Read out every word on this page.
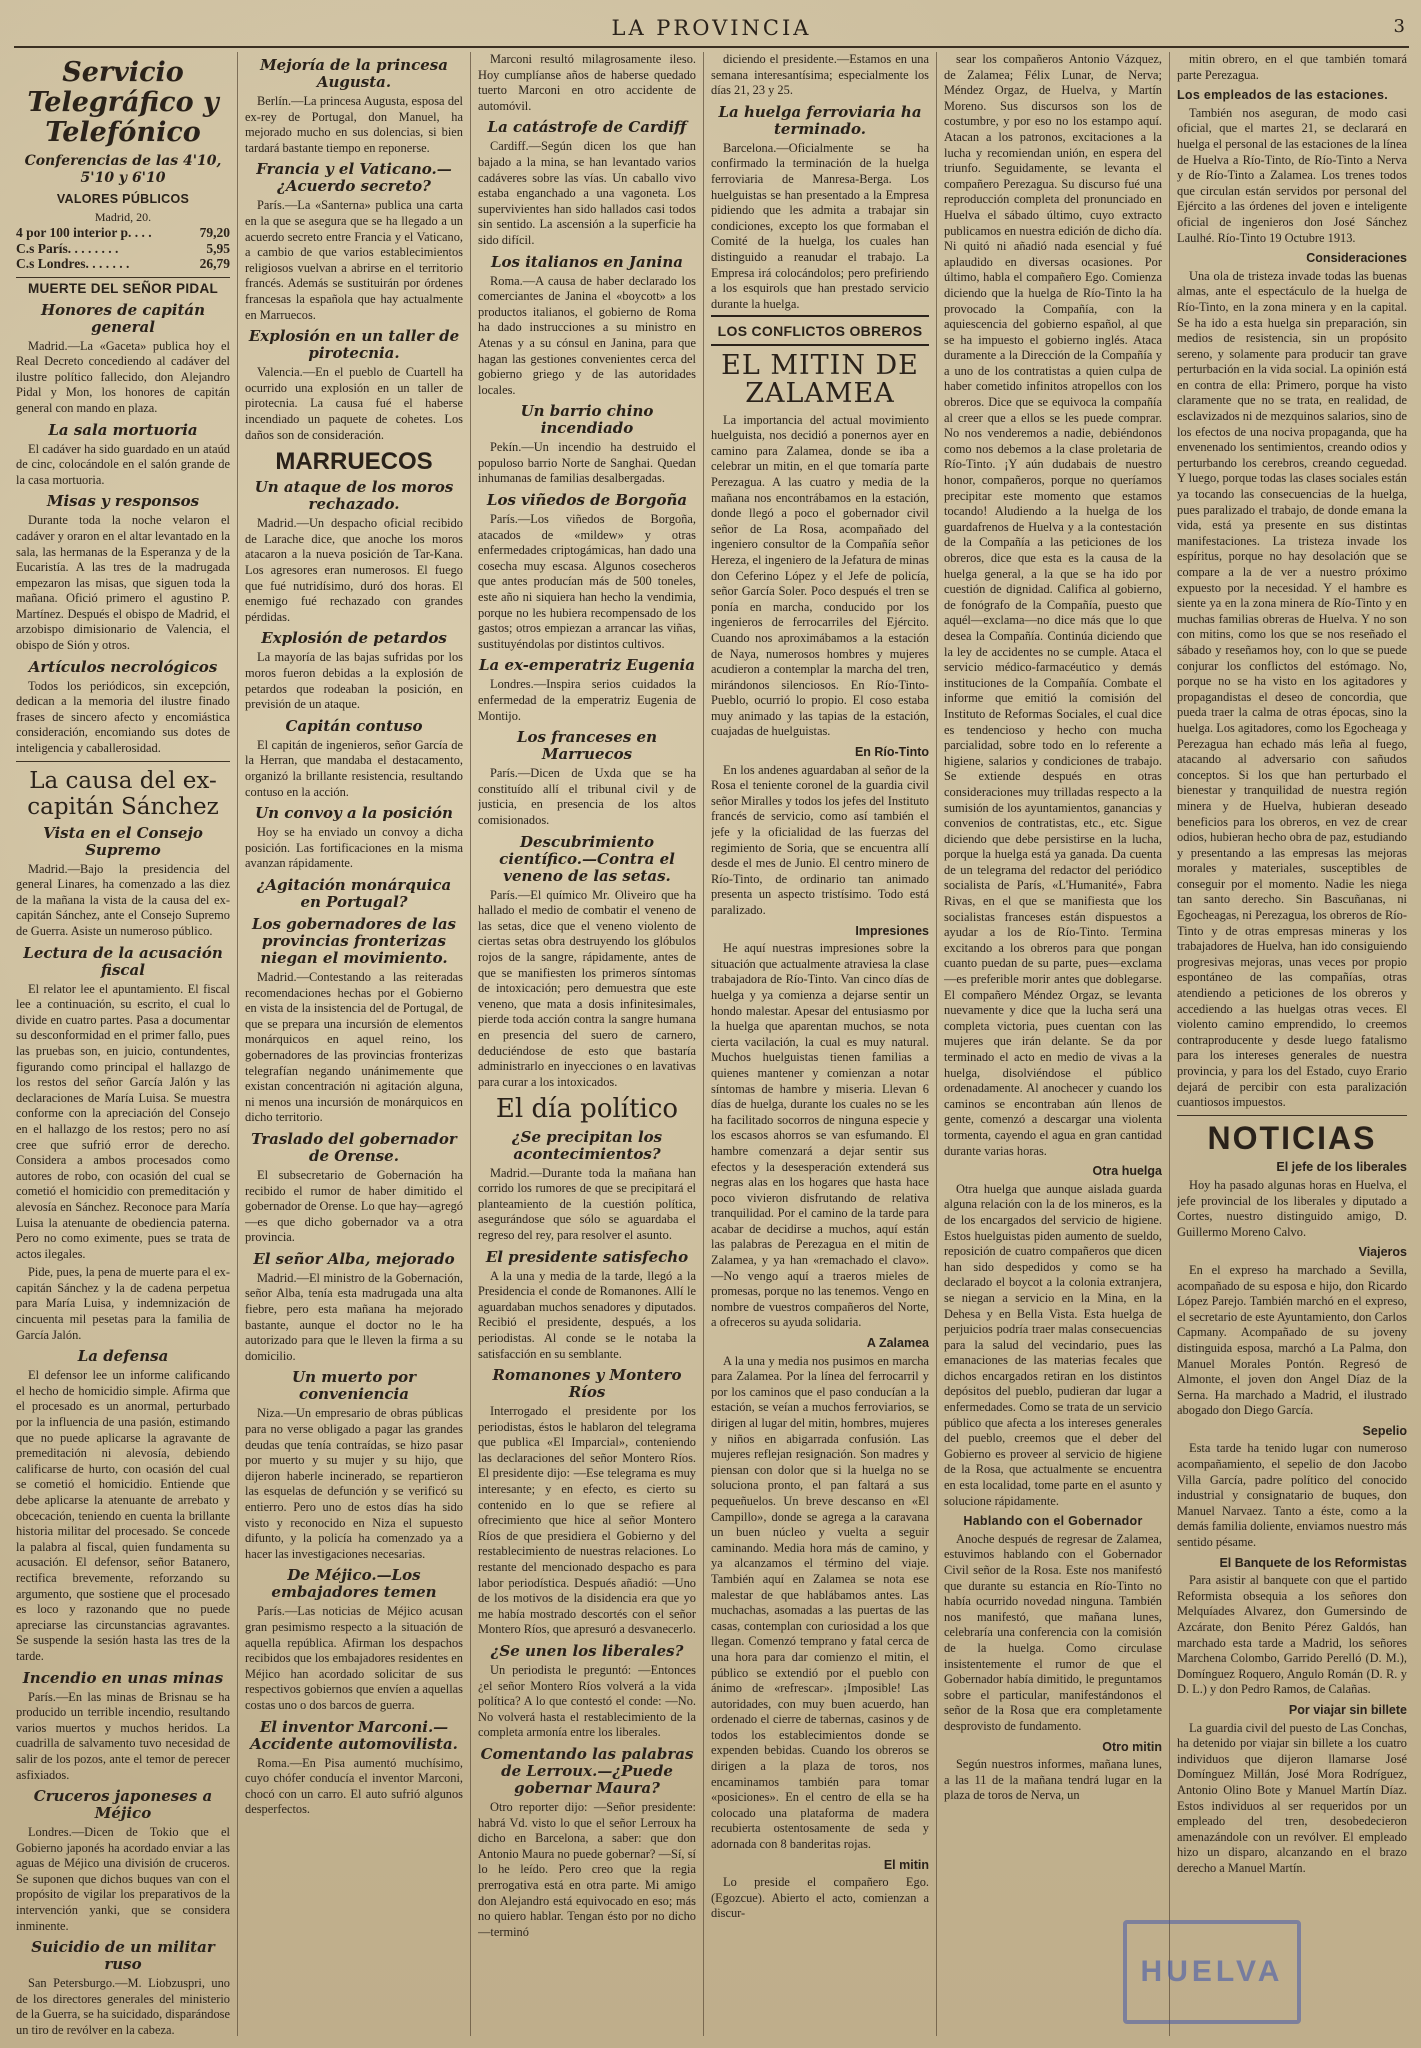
LA PROVINCIA	3
Servicio Telegráfico y Telefónico
Conferencias de las 4'10, 5'10 y 6'10
VALORES PÚBLICOS
Madrid, 20.
4 por 100 interior p. . . .	79,20
C.s París. . . . . . . .	5,95
C.s Londres. . . . . . .	26,79
MUERTE DEL SEÑOR PIDAL
Honores de capitán general

Madrid.—La «Gaceta» publica hoy el Real Decreto concediendo al cadáver del ilustre político fallecido, don Alejandro Pidal y Mon, los honores de capitán general con mando en plaza.

La sala mortuoria

El cadáver ha sido guardado en un ataúd de cinc, colocándole en el salón grande de la casa mortuoria.

Misas y responsos

Durante toda la noche velaron el cadáver y oraron en el altar levantado en la sala, las hermanas de la Esperanza y de la Eucaristía. A las tres de la madrugada empezaron las misas, que siguen toda la mañana. Ofició primero el agustino P. Martínez. Después el obispo de Madrid, el arzobispo dimisionario de Valencia, el obispo de Sión y otros.

Artículos necrológicos

Todos los periódicos, sin excepción, dedican a la memoria del ilustre finado frases de sincero afecto y encomiástica consideración, encomiando sus dotes de inteligencia y caballerosidad.

La causa del ex-capitán Sánchez
Vista en el Consejo Supremo

Madrid.—Bajo la presidencia del general Linares, ha comenzado a las diez de la mañana la vista de la causa del ex-capitán Sánchez, ante el Consejo Supremo de Guerra. Asiste un numeroso público.

Lectura de la acusación fiscal

El relator lee el apuntamiento. El fiscal lee a continuación, su escrito, el cual lo divide en cuatro partes. Pasa a documentar su desconformidad en el primer fallo, pues las pruebas son, en juicio, contundentes, figurando como principal el hallazgo de los restos del señor García Jalón y las declaraciones de María Luisa. Se muestra conforme con la apreciación del Consejo en el hallazgo de los restos; pero no así cree que sufrió error de derecho. Considera a ambos procesados como autores de robo, con ocasión del cual se cometió el homicidio con premeditación y alevosía en Sánchez. Reconoce para María Luisa la atenuante de obediencia paterna. Pero no como eximente, pues se trata de actos ilegales.

Pide, pues, la pena de muerte para el ex-capitán Sánchez y la de cadena perpetua para María Luisa, y indemnización de cincuenta mil pesetas para la familia de García Jalón.

La defensa

El defensor lee un informe calificando el hecho de homicidio simple. Afirma que el procesado es un anormal, perturbado por la influencia de una pasión, estimando que no puede aplicarse la agravante de premeditación ni alevosía, debiendo calificarse de hurto, con ocasión del cual se cometió el homicidio. Entiende que debe aplicarse la atenuante de arrebato y obcecación, teniendo en cuenta la brillante historia militar del procesado. Se concede la palabra al fiscal, quien fundamenta su acusación. El defensor, señor Batanero, rectifica brevemente, reforzando su argumento, que sostiene que el procesado es loco y razonando que no puede apreciarse las circunstancias agravantes. Se suspende la sesión hasta las tres de la tarde.

Incendio en unas minas

París.—En las minas de Brisnau se ha producido un terrible incendio, resultando varios muertos y muchos heridos. La cuadrilla de salvamento tuvo necesidad de salir de los pozos, ante el temor de perecer asfixiados.

Cruceros japoneses a Méjico

Londres.—Dicen de Tokio que el Gobierno japonés ha acordado enviar a las aguas de Méjico una división de cruceros. Se suponen que dichos buques van con el propósito de vigilar los preparativos de la intervención yanki, que se considera inminente.

Suicidio de un militar ruso

San Petersburgo.—M. Liobzuspri, uno de los directores generales del ministerio de la Guerra, se ha suicidado, disparándose un tiro de revólver en la cabeza.

Mejoría de la princesa Augusta.

Berlín.—La princesa Augusta, esposa del ex-rey de Portugal, don Manuel, ha mejorado mucho en sus dolencias, si bien tardará bastante tiempo en reponerse.

Francia y el Vaticano.—¿Acuerdo secreto?

París.—La «Santerna» publica una carta en la que se asegura que se ha llegado a un acuerdo secreto entre Francia y el Vaticano, a cambio de que varios establecimientos religiosos vuelvan a abrirse en el territorio francés. Además se sustituirán por órdenes francesas la española que hay actualmente en Marruecos.

Explosión en un taller de pirotecnia.

Valencia.—En el pueblo de Cuartell ha ocurrido una explosión en un taller de pirotecnia. La causa fué el haberse incendiado un paquete de cohetes. Los daños son de consideración.

MARRUECOS
Un ataque de los moros rechazado.

Madrid.—Un despacho oficial recibido de Larache dice, que anoche los moros atacaron a la nueva posición de Tar-Kana. Los agresores eran numerosos. El fuego que fué nutridísimo, duró dos horas. El enemigo fué rechazado con grandes pérdidas.

Explosión de petardos

La mayoría de las bajas sufridas por los moros fueron debidas a la explosión de petardos que rodeaban la posición, en previsión de un ataque.

Capitán contuso

El capitán de ingenieros, señor García de la Herran, que mandaba el destacamento, organizó la brillante resistencia, resultando contuso en la acción.

Un convoy a la posición

Hoy se ha enviado un convoy a dicha posición. Las fortificaciones en la misma avanzan rápidamente.

¿Agitación monárquica en Portugal?
Los gobernadores de las provincias fronterizas niegan el movimiento.

Madrid.—Contestando a las reiteradas recomendaciones hechas por el Gobierno en vista de la insistencia del de Portugal, de que se prepara una incursión de elementos monárquicos en aquel reino, los gobernadores de las provincias fronterizas telegrafían negando unánimemente que existan concentración ni agitación alguna, ni menos una incursión de monárquicos en dicho territorio.

Traslado del gobernador de Orense.

El subsecretario de Gobernación ha recibido el rumor de haber dimitido el gobernador de Orense. Lo que hay—agregó—es que dicho gobernador va a otra provincia.

El señor Alba, mejorado

Madrid.—El ministro de la Gobernación, señor Alba, tenía esta madrugada una alta fiebre, pero esta mañana ha mejorado bastante, aunque el doctor no le ha autorizado para que le lleven la firma a su domicilio.

Un muerto por conveniencia

Niza.—Un empresario de obras públicas para no verse obligado a pagar las grandes deudas que tenía contraídas, se hizo pasar por muerto y su mujer y su hijo, que dijeron haberle incinerado, se repartieron las esquelas de defunción y se verificó su entierro. Pero uno de estos días ha sido visto y reconocido en Niza el supuesto difunto, y la policía ha comenzado ya a hacer las investigaciones necesarias.

De Méjico.—Los embajadores temen

París.—Las noticias de Méjico acusan gran pesimismo respecto a la situación de aquella república. Afirman los despachos recibidos que los embajadores residentes en Méjico han acordado solicitar de sus respectivos gobiernos que envíen a aquellas costas uno o dos barcos de guerra.

El inventor Marconi.—Accidente automovilista.

Roma.—En Pisa aumentó muchísimo, cuyo chófer conducía el inventor Marconi, chocó con un carro. El auto sufrió algunos desperfectos.

Marconi resultó milagrosamente ileso. Hoy cumplíanse años de haberse quedado tuerto Marconi en otro accidente de automóvil.

La catástrofe de Cardiff

Cardiff.—Según dicen los que han bajado a la mina, se han levantado varios cadáveres sobre las vías. Un caballo vivo estaba enganchado a una vagoneta. Los supervivientes han sido hallados casi todos sin sentido. La ascensión a la superficie ha sido difícil.

Los italianos en Janina

Roma.—A causa de haber declarado los comerciantes de Janina el «boycott» a los productos italianos, el gobierno de Roma ha dado instrucciones a su ministro en Atenas y a su cónsul en Janina, para que hagan las gestiones convenientes cerca del gobierno griego y de las autoridades locales.

Un barrio chino incendiado

Pekín.—Un incendio ha destruido el populoso barrio Norte de Sanghai. Quedan inhumanas de familias desalbergadas.

Los viñedos de Borgoña

París.—Los viñedos de Borgoña, atacados de «mildew» y otras enfermedades criptogámicas, han dado una cosecha muy escasa. Algunos cosecheros que antes producían más de 500 toneles, este año ni siquiera han hecho la vendimia, porque no les hubiera recompensado de los gastos; otros empiezan a arrancar las viñas, sustituyéndolas por distintos cultivos.

La ex-emperatriz Eugenia

Londres.—Inspira serios cuidados la enfermedad de la emperatriz Eugenia de Montijo.

Los franceses en Marruecos

París.—Dicen de Uxda que se ha constituído allí el tribunal civil y de justicia, en presencia de los altos comisionados.

Descubrimiento científico.—Contra el veneno de las setas.

París.—El químico Mr. Oliveiro que ha hallado el medio de combatir el veneno de las setas, dice que el veneno violento de ciertas setas obra destruyendo los glóbulos rojos de la sangre, rápidamente, antes de que se manifiesten los primeros síntomas de intoxicación; pero demuestra que este veneno, que mata a dosis infinitesimales, pierde toda acción contra la sangre humana en presencia del suero de carnero, deduciéndose de esto que bastaría administrarlo en inyecciones o en lavativas para curar a los intoxicados.

El día político
¿Se precipitan los acontecimientos?

Madrid.—Durante toda la mañana han corrido los rumores de que se precipitará el planteamiento de la cuestión política, asegurándose que sólo se aguardaba el regreso del rey, para resolver el asunto.

El presidente satisfecho

A la una y media de la tarde, llegó a la Presidencia el conde de Romanones. Allí le aguardaban muchos senadores y diputados. Recibió el presidente, después, a los periodistas. Al conde se le notaba la satisfacción en su semblante.

Romanones y Montero Ríos

Interrogado el presidente por los periodistas, éstos le hablaron del telegrama que publica «El Imparcial», conteniendo las declaraciones del señor Montero Ríos. El presidente dijo: —Ese telegrama es muy interesante; y en efecto, es cierto su contenido en lo que se refiere al ofrecimiento que hice al señor Montero Ríos de que presidiera el Gobierno y del restablecimiento de nuestras relaciones. Lo restante del mencionado despacho es para labor periodística. Después añadió: —Uno de los motivos de la disidencia era que yo me había mostrado descortés con el señor Montero Ríos, que apresuró a desvanecerlo.

¿Se unen los liberales?

Un periodista le preguntó: —Entonces ¿el señor Montero Ríos volverá a la vida política? A lo que contestó el conde: —No. No volverá hasta el restablecimiento de la completa armonía entre los liberales.

Comentando las palabras de Lerroux.—¿Puede gobernar Maura?

Otro reporter dijo: —Señor presidente: habrá Vd. visto lo que el señor Lerroux ha dicho en Barcelona, a saber: que don Antonio Maura no puede gobernar? —Sí, sí lo he leído. Pero creo que la regia prerrogativa está en otra parte. Mi amigo don Alejandro está equivocado en eso; más no quiero hablar. Tengan ésto por no dicho—terminó

diciendo el presidente.—Estamos en una semana interesantísima; especialmente los días 21, 23 y 25.

La huelga ferroviaria ha terminado.

Barcelona.—Oficialmente se ha confirmado la terminación de la huelga ferroviaria de Manresa-Berga. Los huelguistas se han presentado a la Empresa pidiendo que les admita a trabajar sin condiciones, excepto los que formaban el Comité de la huelga, los cuales han distinguido a reanudar el trabajo. La Empresa irá colocándolos; pero prefiriendo a los esquirols que han prestado servicio durante la huelga.

LOS CONFLICTOS OBREROS
EL MITIN DE ZALAMEA

La importancia del actual movimiento huelguista, nos decidió a ponernos ayer en camino para Zalamea, donde se iba a celebrar un mitin, en el que tomaría parte Perezagua. A las cuatro y media de la mañana nos encontrábamos en la estación, donde llegó a poco el gobernador civil señor de La Rosa, acompañado del ingeniero consultor de la Compañía señor Hereza, el ingeniero de la Jefatura de minas don Ceferino López y el Jefe de policía, señor García Soler. Poco después el tren se ponía en marcha, conducido por los ingenieros de ferrocarriles del Ejército. Cuando nos aproximábamos a la estación de Naya, numerosos hombres y mujeres acudieron a contemplar la marcha del tren, mirándonos silenciosos. En Río-Tinto-Pueblo, ocurrió lo propio. El coso estaba muy animado y las tapias de la estación, cuajadas de huelguistas.

En Río-Tinto

En los andenes aguardaban al señor de la Rosa el teniente coronel de la guardia civil señor Miralles y todos los jefes del Instituto francés de servicio, como así también el jefe y la oficialidad de las fuerzas del regimiento de Soria, que se encuentra allí desde el mes de Junio. El centro minero de Río-Tinto, de ordinario tan animado presenta un aspecto tristísimo. Todo está paralizado.

Impresiones

He aquí nuestras impresiones sobre la situación que actualmente atraviesa la clase trabajadora de Río-Tinto. Van cinco días de huelga y ya comienza a dejarse sentir un hondo malestar. Apesar del entusiasmo por la huelga que aparentan muchos, se nota cierta vacilación, la cual es muy natural. Muchos huelguistas tienen familias a quienes mantener y comienzan a notar síntomas de hambre y miseria. Llevan 6 días de huelga, durante los cuales no se les ha facilitado socorros de ninguna especie y los escasos ahorros se van esfumando. El hambre comenzará a dejar sentir sus efectos y la desesperación extenderá sus negras alas en los hogares que hasta hace poco vivieron disfrutando de relativa tranquilidad. Por el camino de la tarde para acabar de decidirse a muchos, aquí están las palabras de Perezagua en el mitin de Zalamea, y ya han «remachado el clavo». —No vengo aquí a traeros mieles de promesas, porque no las tenemos. Vengo en nombre de vuestros compañeros del Norte, a ofreceros su ayuda solidaria.

A Zalamea

A la una y media nos pusimos en marcha para Zalamea. Por la línea del ferrocarril y por los caminos que el paso conducían a la estación, se veían a muchos ferroviarios, se dirigen al lugar del mitin, hombres, mujeres y niños en abigarrada confusión. Las mujeres reflejan resignación. Son madres y piensan con dolor que si la huelga no se soluciona pronto, el pan faltará a sus pequeñuelos. Un breve descanso en «El Campillo», donde se agrega a la caravana un buen núcleo y vuelta a seguir caminando. Media hora más de camino, y ya alcanzamos el término del viaje. También aquí en Zalamea se nota ese malestar de que hablábamos antes. Las muchachas, asomadas a las puertas de las casas, contemplan con curiosidad a los que llegan. Comenzó temprano y fatal cerca de una hora para dar comienzo el mitin, el público se extendió por el pueblo con ánimo de «refrescar». ¡Imposible! Las autoridades, con muy buen acuerdo, han ordenado el cierre de tabernas, casinos y de todos los establecimientos donde se expenden bebidas. Cuando los obreros se dirigen a la plaza de toros, nos encaminamos también para tomar «posiciones». En el centro de ella se ha colocado una plataforma de madera recubierta ostentosamente de seda y adornada con 8 banderitas rojas.

El mitin

Lo preside el compañero Ego. (Egozcue). Abierto el acto, comienzan a discur-

sear los compañeros Antonio Vázquez, de Zalamea; Félix Lunar, de Nerva; Méndez Orgaz, de Huelva, y Martín Moreno. Sus discursos son los de costumbre, y por eso no los estampo aquí. Atacan a los patronos, excitaciones a la lucha y recomiendan unión, en espera del triunfo. Seguidamente, se levanta el compañero Perezagua. Su discurso fué una reproducción completa del pronunciado en Huelva el sábado último, cuyo extracto publicamos en nuestra edición de dicho día. Ni quitó ni añadió nada esencial y fué aplaudido en diversas ocasiones. Por último, habla el compañero Ego. Comienza diciendo que la huelga de Río-Tinto la ha provocado la Compañía, con la aquiescencia del gobierno español, al que se ha impuesto el gobierno inglés. Ataca duramente a la Dirección de la Compañía y a uno de los contratistas a quien culpa de haber cometido infinitos atropellos con los obreros. Dice que se equivoca la compañía al creer que a ellos se les puede comprar. No nos venderemos a nadie, debiéndonos como nos debemos a la clase proletaria de Río-Tinto. ¡Y aún dudabais de nuestro honor, compañeros, porque no queríamos precipitar este momento que estamos tocando! Aludiendo a la huelga de los guardafrenos de Huelva y a la contestación de la Compañía a las peticiones de los obreros, dice que esta es la causa de la huelga general, a la que se ha ido por cuestión de dignidad. Califica al gobierno, de fonógrafo de la Compañía, puesto que aquél—exclama—no dice más que lo que desea la Compañía. Continúa diciendo que la ley de accidentes no se cumple. Ataca el servicio médico-farmacéutico y demás instituciones de la Compañía. Combate el informe que emitió la comisión del Instituto de Reformas Sociales, el cual dice es tendencioso y hecho con mucha parcialidad, sobre todo en lo referente a higiene, salarios y condiciones de trabajo. Se extiende después en otras consideraciones muy trilladas respecto a la sumisión de los ayuntamientos, ganancias y convenios de contratistas, etc., etc. Sigue diciendo que debe persistirse en la lucha, porque la huelga está ya ganada. Da cuenta de un telegrama del redactor del periódico socialista de París, «L'Humanité», Fabra Rivas, en el que se manifiesta que los socialistas franceses están dispuestos a ayudar a los de Río-Tinto. Termina excitando a los obreros para que pongan cuanto puedan de su parte, pues—exclama—es preferible morir antes que doblegarse. El compañero Méndez Orgaz, se levanta nuevamente y dice que la lucha será una completa victoria, pues cuentan con las mujeres que irán delante. Se da por terminado el acto en medio de vivas a la huelga, disolviéndose el público ordenadamente. Al anochecer y cuando los caminos se encontraban aún llenos de gente, comenzó a descargar una violenta tormenta, cayendo el agua en gran cantidad durante varias horas.

Otra huelga

Otra huelga que aunque aislada guarda alguna relación con la de los mineros, es la de los encargados del servicio de higiene. Estos huelguistas piden aumento de sueldo, reposición de cuatro compañeros que dicen han sido despedidos y como se ha declarado el boycot a la colonia extranjera, se niegan a servicio en la Mina, en la Dehesa y en Bella Vista. Esta huelga de perjuicios podría traer malas consecuencias para la salud del vecindario, pues las emanaciones de las materias fecales que dichos encargados retiran en los distintos depósitos del pueblo, pudieran dar lugar a enfermedades. Como se trata de un servicio público que afecta a los intereses generales del pueblo, creemos que el deber del Gobierno es proveer al servicio de higiene de la Rosa, que actualmente se encuentra en esta localidad, tome parte en el asunto y solucione rápidamente.

Hablando con el Gobernador

Anoche después de regresar de Zalamea, estuvimos hablando con el Gobernador Civil señor de la Rosa. Este nos manifestó que durante su estancia en Río-Tinto no había ocurrido novedad ninguna. También nos manifestó, que mañana lunes, celebraría una conferencia con la comisión de la huelga. Como circulase insistentemente el rumor de que el Gobernador había dimitido, le preguntamos sobre el particular, manifestándonos el señor de la Rosa que era completamente desprovisto de fundamento.

Otro mitin

Según nuestros informes, mañana lunes, a las 11 de la mañana tendrá lugar en la plaza de toros de Nerva, un

mitin obrero, en el que también tomará parte Perezagua.

Los empleados de las estaciones.

También nos aseguran, de modo casi oficial, que el martes 21, se declarará en huelga el personal de las estaciones de la línea de Huelva a Río-Tinto, de Río-Tinto a Nerva y de Río-Tinto a Zalamea. Los trenes todos que circulan están servidos por personal del Ejército a las órdenes del joven e inteligente oficial de ingenieros don José Sánchez Laulhé. Río-Tinto 19 Octubre 1913.

Consideraciones

Una ola de tristeza invade todas las buenas almas, ante el espectáculo de la huelga de Río-Tinto, en la zona minera y en la capital. Se ha ido a esta huelga sin preparación, sin medios de resistencia, sin un propósito sereno, y solamente para producir tan grave perturbación en la vida social. La opinión está en contra de ella: Primero, porque ha visto claramente que no se trata, en realidad, de esclavizados ni de mezquinos salarios, sino de los efectos de una nociva propaganda, que ha envenenado los sentimientos, creando odios y perturbando los cerebros, creando ceguedad. Y luego, porque todas las clases sociales están ya tocando las consecuencias de la huelga, pues paralizado el trabajo, de donde emana la vida, está ya presente en sus distintas manifestaciones. La tristeza invade los espíritus, porque no hay desolación que se compare a la de ver a nuestro próximo expuesto por la necesidad. Y el hambre es siente ya en la zona minera de Río-Tinto y en muchas familias obreras de Huelva. Y no son con mitins, como los que se nos reseñado el sábado y reseñamos hoy, con lo que se puede conjurar los conflictos del estómago. No, porque no se ha visto en los agitadores y propagandistas el deseo de concordia, que pueda traer la calma de otras épocas, sino la huelga. Los agitadores, como los Egocheaga y Perezagua han echado más leña al fuego, atacando al adversario con sañudos conceptos. Si los que han perturbado el bienestar y tranquilidad de nuestra región minera y de Huelva, hubieran deseado beneficios para los obreros, en vez de crear odios, hubieran hecho obra de paz, estudiando y presentando a las empresas las mejoras morales y materiales, susceptibles de conseguir por el momento. Nadie les niega tan santo derecho. Sin Bascuñanas, ni Egocheagas, ni Perezagua, los obreros de Río-Tinto y de otras empresas mineras y los trabajadores de Huelva, han ido consiguiendo progresivas mejoras, unas veces por propio espontáneo de las compañías, otras atendiendo a peticiones de los obreros y accediendo a las huelgas otras veces. El violento camino emprendido, lo creemos contraproducente y desde luego fatalismo para los intereses generales de nuestra provincia, y para los del Estado, cuyo Erario dejará de percibir con esta paralización cuantiosos impuestos.

NOTICIAS
El jefe de los liberales

Hoy ha pasado algunas horas en Huelva, el jefe provincial de los liberales y diputado a Cortes, nuestro distinguido amigo, D. Guillermo Moreno Calvo.

Viajeros

En el expreso ha marchado a Sevilla, acompañado de su esposa e hijo, don Ricardo López Parejo. También marchó en el expreso, el secretario de este Ayuntamiento, don Carlos Capmany. Acompañado de su joveny distinguida esposa, marchó a La Palma, don Manuel Morales Pontón. Regresó de Almonte, el joven don Angel Díaz de la Serna. Ha marchado a Madrid, el ilustrado abogado don Diego García.

Sepelio

Esta tarde ha tenido lugar con numeroso acompañamiento, el sepelio de don Jacobo Villa García, padre político del conocido industrial y consignatario de buques, don Manuel Narvaez. Tanto a éste, como a la demás familia doliente, enviamos nuestro más sentido pésame.

El Banquete de los Reformistas

Para asistir al banquete con que el partido Reformista obsequia a los señores don Melquíades Alvarez, don Gumersindo de Azcárate, don Benito Pérez Galdós, han marchado esta tarde a Madrid, los señores Marchena Colombo, Garrido Perelló (D. M.), Domínguez Roquero, Angulo Román (D. R. y D. L.) y don Pedro Ramos, de Calañas.

Por viajar sin billete

La guardia civil del puesto de Las Conchas, ha detenido por viajar sin billete a los cuatro individuos que dijeron llamarse José Domínguez Millán, José Mora Rodríguez, Antonio Olino Bote y Manuel Martín Díaz. Estos individuos al ser requeridos por un empleado del tren, desobedecieron amenazándole con un revólver. El empleado hizo un disparo, alcanzando en el brazo derecho a Manuel Martín.

HUELVA
